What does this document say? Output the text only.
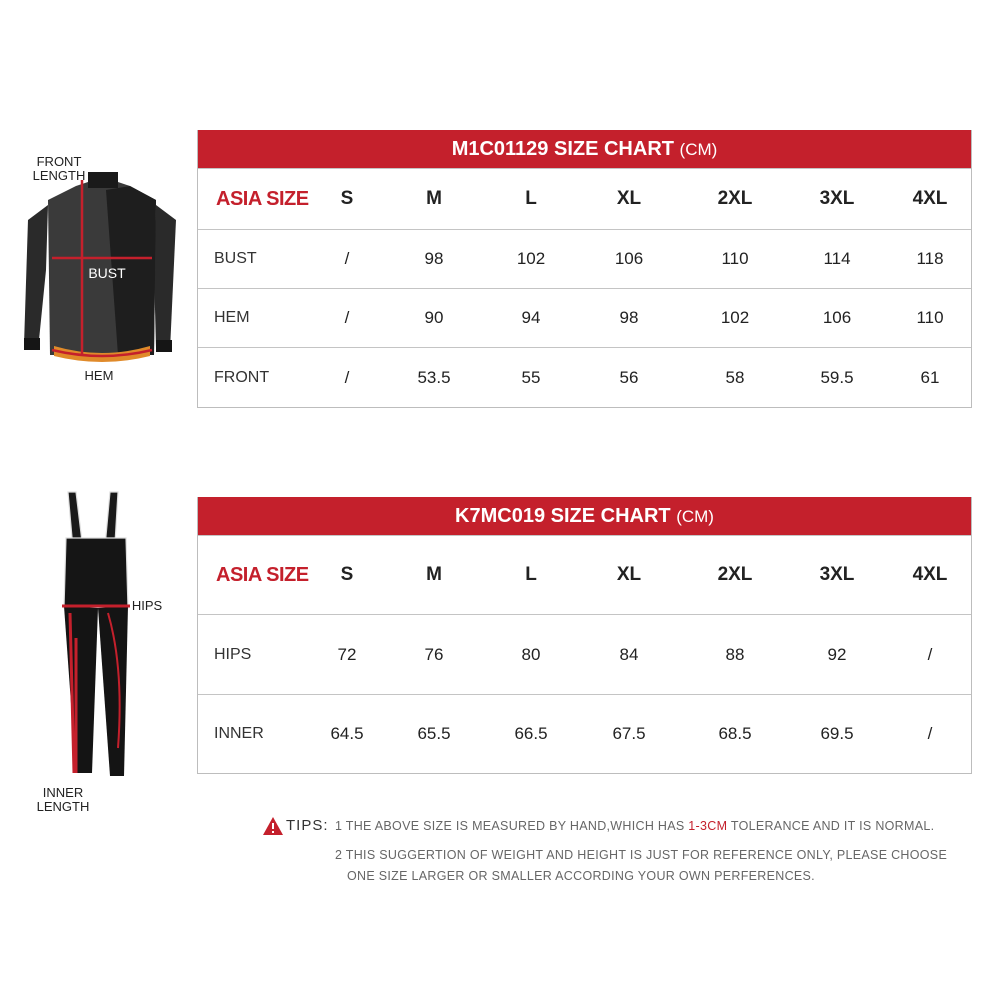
FRONT
LENGTH
BUST
HEM
HIPS
INNER
LENGTH
M1C01129 SIZE CHART (CM)
ASIA SIZE	S	M	L	XL	2XL	3XL	4XL
BUST	/	98	102	106	110	114	118
HEM	/	90	94	98	102	106	110
FRONT	/	53.5	55	56	58	59.5	61
K7MC019 SIZE CHART (CM)
ASIA SIZE	S	M	L	XL	2XL	3XL	4XL
HIPS	72	76	80	84	88	92	/
INNER	64.5	65.5	66.5	67.5	68.5	69.5	/
TIPS: 1 THE ABOVE SIZE IS MEASURED BY HAND,WHICH HAS 1-3CM TOLERANCE AND IT IS NORMAL.
2 THIS SUGGERTION OF WEIGHT AND HEIGHT IS JUST FOR REFERENCE ONLY, PLEASE CHOOSE
ONE SIZE LARGER OR SMALLER ACCORDING YOUR OWN PERFERENCES.
